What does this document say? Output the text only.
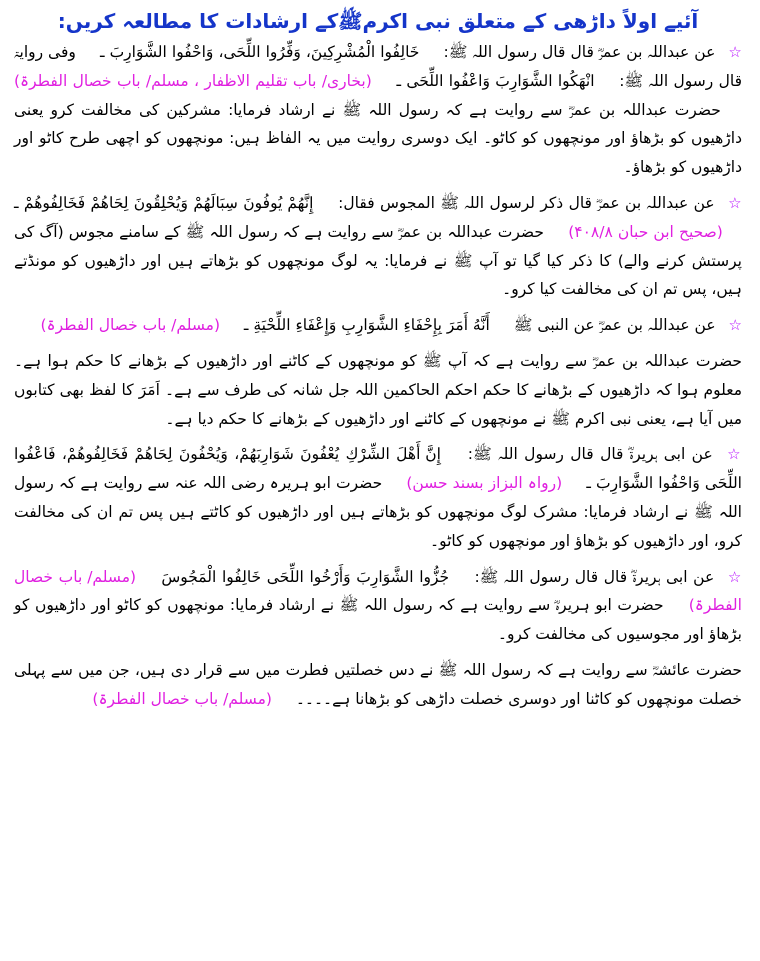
آئیے اولاً داڑھی کے متعلق نبی اکرمﷺکے ارشادات کا مطالعہ کریں:
☆ عن عبداللہ بن عمرؓ قال قال رسول اللہ ﷺ:  خَالِفُوا الْمُشْرِكِينَ، وَفِّرُوا اللِّحَى، وَاحْفُوا الشَّوَارِبَ ـ  وفی روایۃ قال رسول اللہ ﷺ:  انْهَكُوا الشَّوَارِبَ وَاعْفُوا اللِّحَى ـ  (بخاری/ باب تقلیم الاظفار ، مسلم/ باب خصال الفطرۃ)  حضرت عبداللہ بن عمرؓ سے روایت ہے کہ رسول اللہ ﷺ نے ارشاد فرمایا: مشرکین کی مخالفت کرو یعنی داڑھیوں کو بڑھاؤ اور مونچھوں کو کاٹو۔ ایک دوسری روایت میں یہ الفاظ ہیں: مونچھوں کو اچھی طرح کاٹو اور داڑھیوں کو بڑھاؤ۔
☆ عن عبداللہ بن عمرؓ قال ذکر لرسول اللہ ﷺ المجوس فقال:  إِنَّهُمْ يُوفُونَ سِبَالَهُمْ وَيُحْلِقُونَ لِحَاهُمْ فَخَالِفُوهُمْ ـ  (صحیح ابن حبان ۴۰۸/۸)  حضرت عبداللہ بن عمرؓ سے روایت ہے کہ رسول اللہ ﷺ کے سامنے مجوس (آگ کی پرستش کرنے والے) کا ذکر کیا گیا تو آپ ﷺ نے فرمایا: یہ لوگ مونچھوں کو بڑھاتے ہیں اور داڑھیوں کو مونڈتے ہیں، پس تم ان کی مخالفت کیا کرو۔
☆ عن عبداللہ بن عمرؓ عن النبی ﷺ  أَنَّهُ أَمَرَ بِإِحْفَاءِ الشَّوَارِبِ وَإِعْفَاءِ اللِّحْيَةِ ـ  (مسلم/ باب خصال الفطرۃ)
حضرت عبداللہ بن عمرؓ سے روایت ہے کہ آپ ﷺ کو مونچھوں کے کاٹنے اور داڑھیوں کے بڑھانے کا حکم ہوا ہے۔ معلوم ہوا کہ داڑھیوں کے بڑھانے کا حکم احکم الحاکمین اللہ جل شانہ کی طرف سے ہے۔ اَمَرَ کا لفظ بھی کتابوں میں آیا ہے، یعنی نبی اکرم ﷺ نے مونچھوں کے کاٹنے اور داڑھیوں کے بڑھانے کا حکم دیا ہے۔
☆ عن ابی ہریرۃؓ قال قال رسول اللہ ﷺ:  إِنَّ أَهْلَ الشِّرْكِ يُعْفُونَ شَوَارِبَهُمْ، وَيُحْفُونَ لِحَاهُمْ فَخَالِفُوهُمْ، فَاعْفُوا اللِّحَى وَاحْفُوا الشَّوَارِبَ ـ  (رواہ البزاز بسند حسن)  حضرت ابو ہریرہ رضی اللہ عنہ سے روایت ہے کہ رسول اللہ ﷺ نے ارشاد فرمایا: مشرک لوگ مونچھوں کو بڑھاتے ہیں اور داڑھیوں کو کاٹتے ہیں پس تم ان کی مخالفت کرو، اور داڑھیوں کو بڑھاؤ اور مونچھوں کو کاٹو۔
☆ عن ابی ہریرۃؓ قال قال رسول اللہ ﷺ:  جُزُّوا الشَّوَارِبَ وَأَرْخُوا اللِّحَى خَالِفُوا الْمَجُوسَ  (مسلم/ باب خصال الفطرۃ)  حضرت ابو ہریرہؓ سے روایت ہے کہ رسول اللہ ﷺ نے ارشاد فرمایا: مونچھوں کو کاٹو اور داڑھیوں کو بڑھاؤ اور مجوسیوں کی مخالفت کرو۔
حضرت عائشہؓ سے روایت ہے کہ رسول اللہ ﷺ نے دس خصلتیں فطرت میں سے قرار دی ہیں، جن میں سے پہلی خصلت مونچھوں کو کاٹنا اور دوسری خصلت داڑھی کو بڑھانا ہے۔۔۔۔  (مسلم/ باب خصال الفطرۃ)
